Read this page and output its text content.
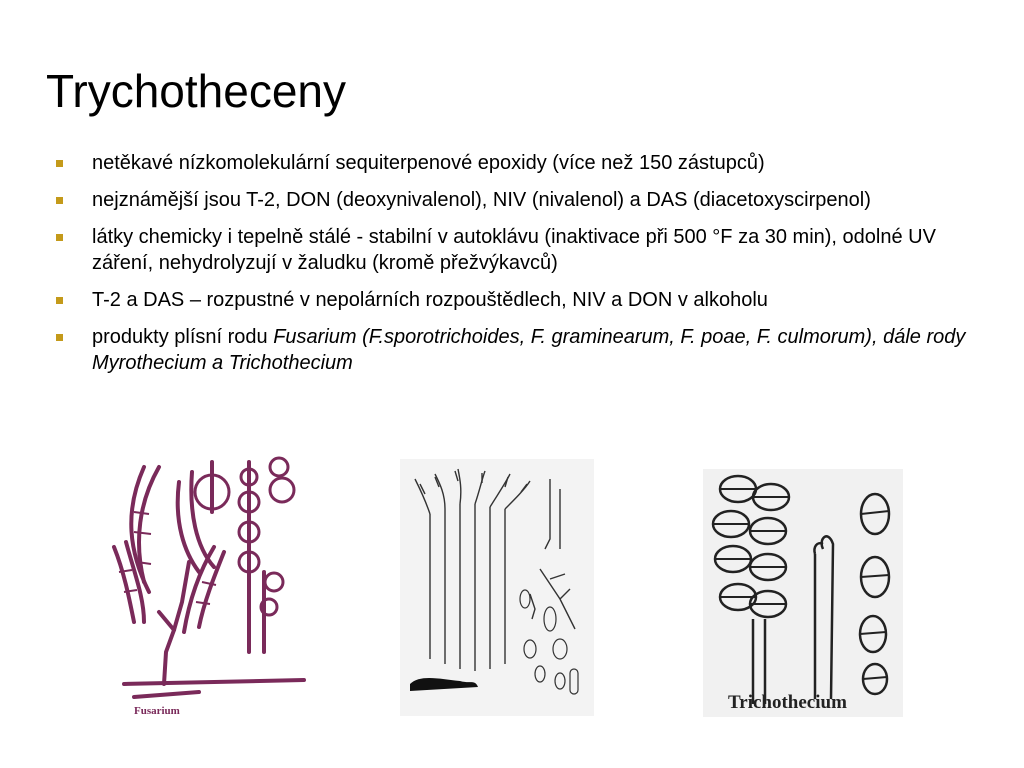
Trychotheceny
netěkavé nízkomolekulární sequiterpenové epoxidy (více než 150 zástupců)
nejznámější jsou T-2, DON (deoxynivalenol), NIV (nivalenol) a DAS (diacetoxyscirpenol)
látky chemicky i tepelně stálé - stabilní v autoklávu (inaktivace při 500 °F za 30 min), odolné UV záření, nehydrolyzují v žaludku (kromě přežvýkavců)
T-2 a DAS – rozpustné v nepolárních rozpouštědlech, NIV a DON v alkoholu
produkty plísní rodu Fusarium (F.sporotrichoides, F. graminearum, F. poae, F. culmorum), dále rody Myrothecium a Trichothecium
Fusarium	Trichothecium
